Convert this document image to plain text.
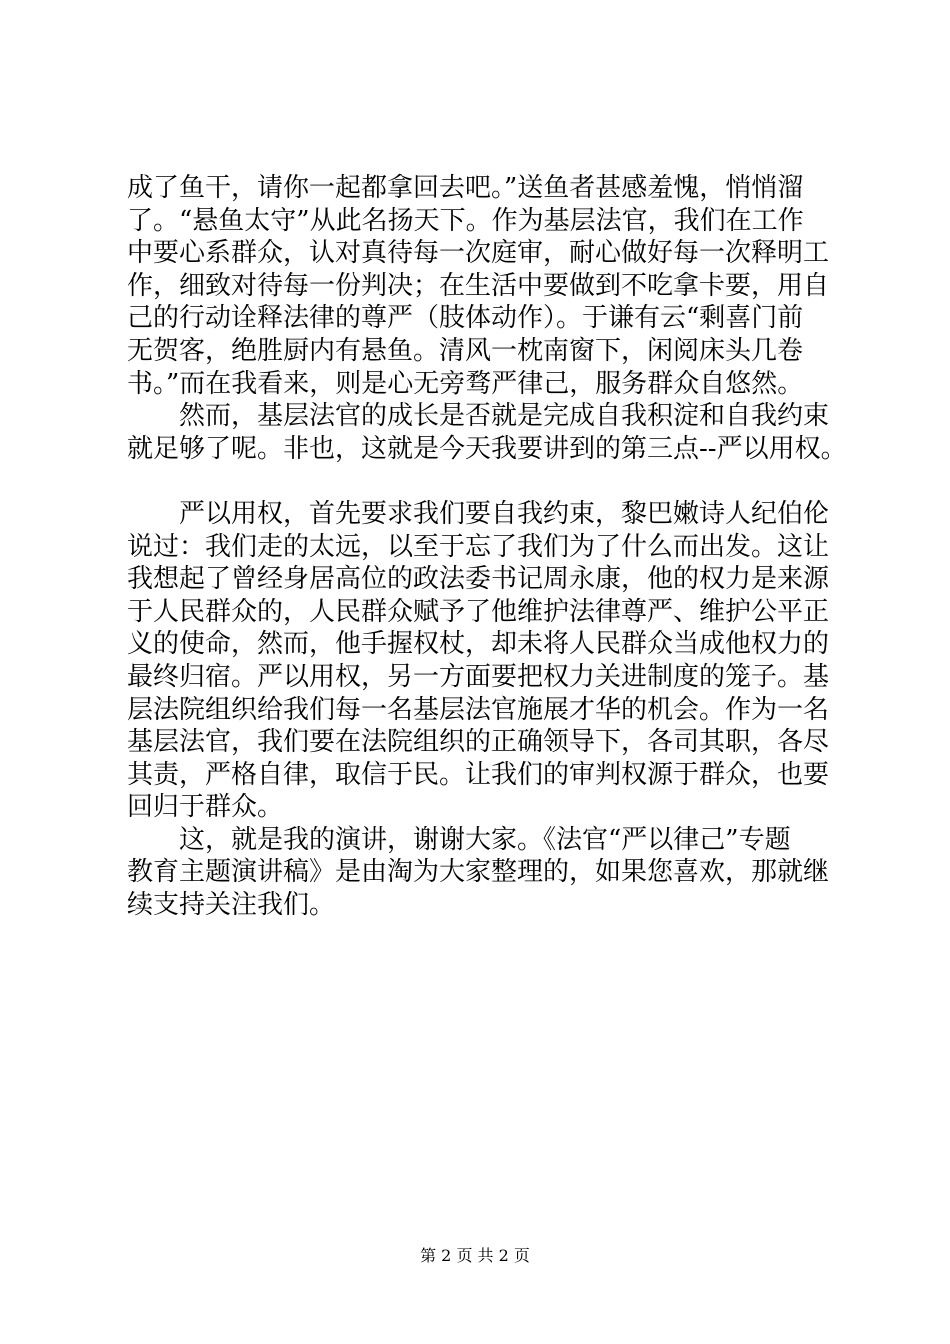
成了鱼干，请你一起都拿回去吧。”送鱼者甚感羞愧，悄悄溜
了。“悬鱼太守”从此名扬天下。作为基层法官，我们在工作
中要心系群众，认对真待每一次庭审，耐心做好每一次释明工
作，细致对待每一份判决；在生活中要做到不吃拿卡要，用自
己的行动诠释法律的尊严（肢体动作）。于谦有云“剩喜门前
无贺客，绝胜厨内有悬鱼。清风一枕南窗下，闲阅床头几卷
书。”而在我看来，则是心无旁骛严律己，服务群众自悠然。
　　然而，基层法官的成长是否就是完成自我积淀和自我约束
就足够了呢。非也，这就是今天我要讲到的第三点--严以用权。
　　严以用权，首先要求我们要自我约束，黎巴嫩诗人纪伯伦
说过：我们走的太远，以至于忘了我们为了什么而出发。这让
我想起了曾经身居高位的政法委书记周永康，他的权力是来源
于人民群众的，人民群众赋予了他维护法律尊严、维护公平正
义的使命，然而，他手握权杖，却未将人民群众当成他权力的
最终归宿。严以用权，另一方面要把权力关进制度的笼子。基
层法院组织给我们每一名基层法官施展才华的机会。作为一名
基层法官，我们要在法院组织的正确领导下，各司其职，各尽
其责，严格自律，取信于民。让我们的审判权源于群众，也要
回归于群众。
　　这，就是我的演讲，谢谢大家。《法官“严以律己”专题
教育主题演讲稿》是由淘为大家整理的，如果您喜欢，那就继
续支持关注我们。
第 2 页 共 2 页
